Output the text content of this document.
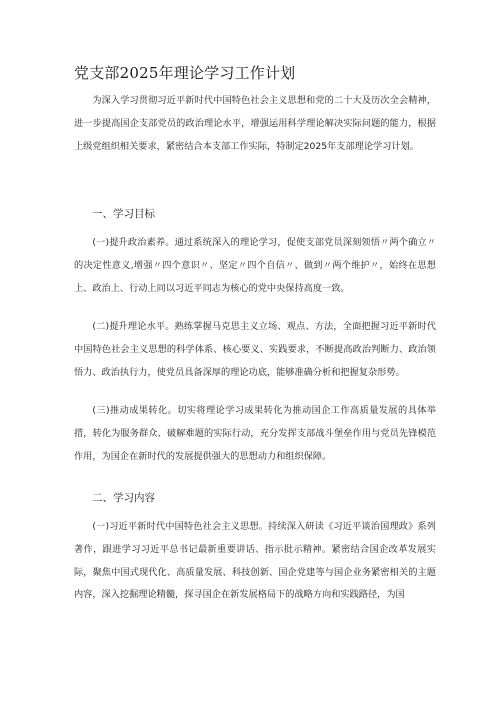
党支部2025年理论学习工作计划

为深入学习贯彻习近平新时代中国特色社会主义思想和党的二十大及历次全会精神，进一步提高国企支部党员的政治理论水平，增强运用科学理论解决实际问题的能力，根据上级党组织相关要求，紧密结合本支部工作实际，特制定2025年支部理论学习计划。

一、学习目标

(一)提升政治素养。通过系统深入的理论学习，促使支部党员深刻领悟〃两个确立〃的决定性意义,增强〃四个意识〃、坚定〃四个自信〃、做到〃两个维护〃，始终在思想上、政治上、行动上同以习近平同志为核心的党中央保持高度一致。

(二)提升理论水平。熟练掌握马克思主义立场、观点、方法，全面把握习近平新时代中国特色社会主义思想的科学体系、核心要义、实践要求，不断提高政治判断力、政治领悟力、政治执行力，使党员具备深厚的理论功底，能够准确分析和把握复杂形势。

(三)推动成果转化。切实将理论学习成果转化为推动国企工作高质量发展的具体举措，转化为服务群众、破解难题的实际行动，充分发挥支部战斗堡垒作用与党员先锋模范作用，为国企在新时代的发展提供强大的思想动力和组织保障。

二、学习内容

(一)习近平新时代中国特色社会主义思想。持续深入研读《习近平谈治国理政》系列著作，跟进学习习近平总书记最新重要讲话、指示批示精神。紧密结合国企改革发展实际，聚焦中国式现代化、高质量发展、科技创新、国企党建等与国企业务紧密相关的主题内容，深入挖掘理论精髓，探寻国企在新发展格局下的战略方向和实践路径，为国
